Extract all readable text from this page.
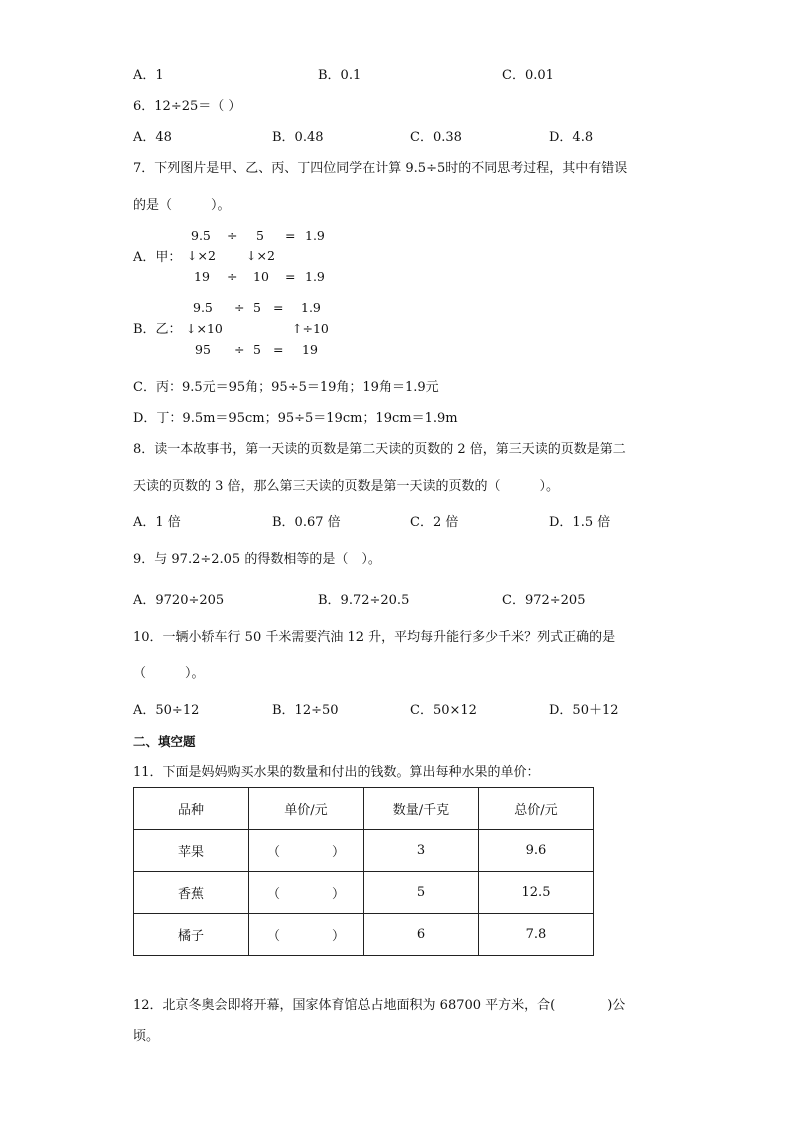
A．1	B．0.1	C．0.01
6．12÷25＝（ ）
A．48	B．0.48	C．0.38	D．4.8
7．下列图片是甲、乙、丙、丁四位同学在计算 9.5÷5时的不同思考过程，其中有错误
的是（　　　）。
A．甲：
9.5 ÷ 5 = 1.9
↓×2 ↓×2
19 ÷ 10 = 1.9
B．乙：
9.5 ÷ 5 = 1.9
↓×10	↑÷10
95 ÷ 5 = 19
C．丙：9.5元＝95角；95÷5＝19角；19角＝1.9元
D．丁：9.5m＝95cm；95÷5＝19cm；19cm＝1.9m
8．读一本故事书，第一天读的页数是第二天读的页数的 2 倍，第三天读的页数是第二
天读的页数的 3 倍，那么第三天读的页数是第一天读的页数的（　　　）。
A．1 倍	B．0.67 倍	C．2 倍	D．1.5 倍
9．与 97.2÷2.05 的得数相等的是（　）。
A．9720÷205	B．9.72÷20.5	C．972÷205
10．一辆小轿车行 50 千米需要汽油 12 升，平均每升能行多少千米？列式正确的是
（　　　）。
A．50÷12	B．12÷50	C．50×12	D．50＋12
二、填空题
11．下面是妈妈购买水果的数量和付出的钱数。算出每种水果的单价：
品种	单价/元	数量/千克	总价/元
苹果	（　　　　）	3	9.6
香蕉	（　　　　）	5	12.5
橘子	（　　　　）	6	7.8
12．北京冬奥会即将开幕，国家体育馆总占地面积为 68700 平方米，合(　　　　)公
顷。
